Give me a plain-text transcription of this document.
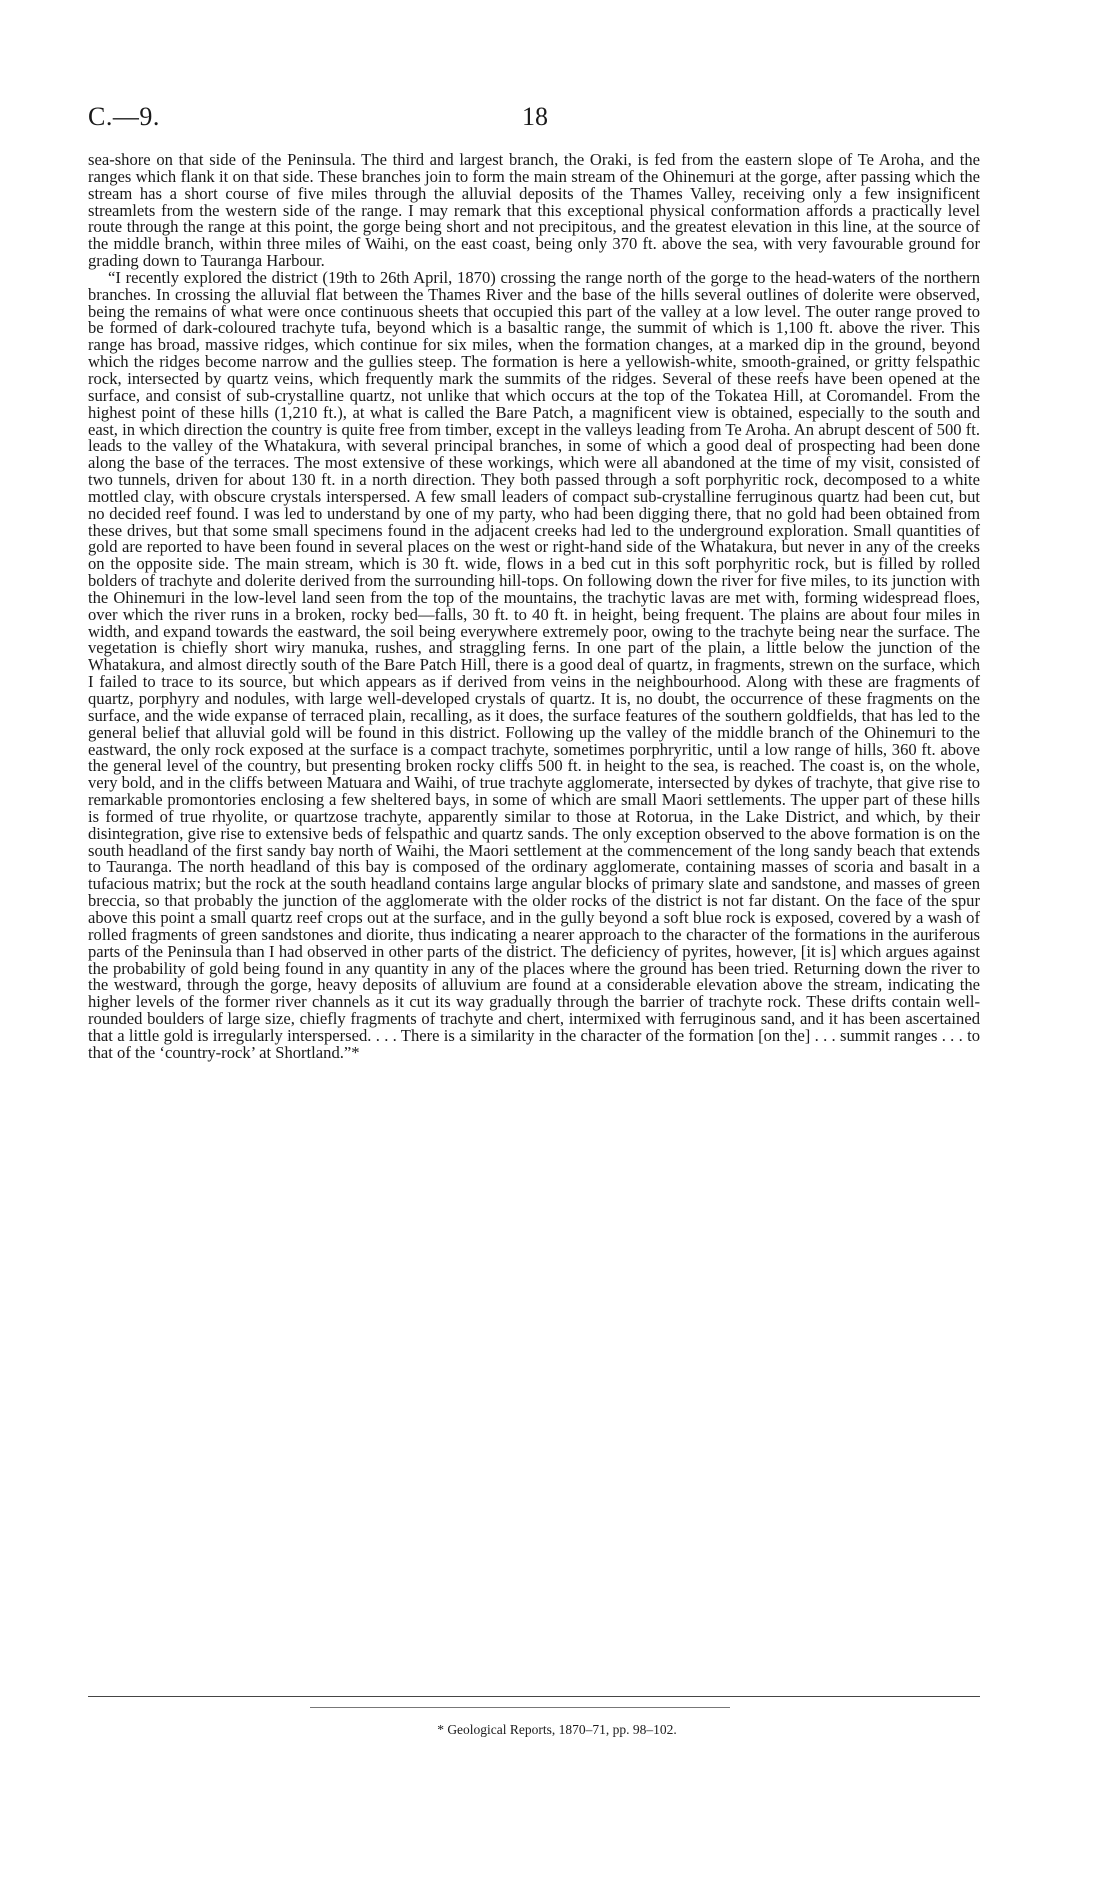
C.—9.	18

sea-shore on that side of the Peninsula. The third and largest branch, the Oraki, is fed from the eastern slope of Te Aroha, and the ranges which flank it on that side. These branches join to form the main stream of the Ohinemuri at the gorge, after passing which the stream has a short course of five miles through the alluvial deposits of the Thames Valley, receiving only a few insignificent streamlets from the western side of the range. I may remark that this exceptional physical conformation affords a practically level route through the range at this point, the gorge being short and not precipitous, and the greatest elevation in this line, at the source of the middle branch, within three miles of Waihi, on the east coast, being only 370 ft. above the sea, with very favourable ground for grading down to Tauranga Harbour.

“I recently explored the district (19th to 26th April, 1870) crossing the range north of the gorge to the head-waters of the northern branches. In crossing the alluvial flat between the Thames River and the base of the hills several outlines of dolerite were observed, being the remains of what were once continuous sheets that occupied this part of the valley at a low level. The outer range proved to be formed of dark-coloured trachyte tufa, beyond which is a basaltic range, the summit of which is 1,100 ft. above the river. This range has broad, massive ridges, which continue for six miles, when the formation changes, at a marked dip in the ground, beyond which the ridges become narrow and the gullies steep. The formation is here a yellowish-white, smooth-grained, or gritty felspathic rock, intersected by quartz veins, which frequently mark the summits of the ridges. Several of these reefs have been opened at the surface, and consist of sub-crystalline quartz, not unlike that which occurs at the top of the Tokatea Hill, at Coromandel. From the highest point of these hills (1,210 ft.), at what is called the Bare Patch, a magnificent view is obtained, especially to the south and east, in which direction the country is quite free from timber, except in the valleys leading from Te Aroha. An abrupt descent of 500 ft. leads to the valley of the Whatakura, with several principal branches, in some of which a good deal of prospecting had been done along the base of the terraces. The most extensive of these workings, which were all abandoned at the time of my visit, consisted of two tunnels, driven for about 130 ft. in a north direction. They both passed through a soft porphyritic rock, decomposed to a white mottled clay, with obscure crystals interspersed. A few small leaders of compact sub-crystalline ferruginous quartz had been cut, but no decided reef found. I was led to understand by one of my party, who had been digging there, that no gold had been obtained from these drives, but that some small specimens found in the adjacent creeks had led to the underground exploration. Small quantities of gold are reported to have been found in several places on the west or right-hand side of the Whatakura, but never in any of the creeks on the opposite side. The main stream, which is 30 ft. wide, flows in a bed cut in this soft porphyritic rock, but is filled by rolled bolders of trachyte and dolerite derived from the surrounding hill-tops. On following down the river for five miles, to its junction with the Ohinemuri in the low-level land seen from the top of the mountains, the trachytic lavas are met with, forming widespread floes, over which the river runs in a broken, rocky bed—falls, 30 ft. to 40 ft. in height, being frequent. The plains are about four miles in width, and expand towards the eastward, the soil being everywhere extremely poor, owing to the trachyte being near the surface. The vegetation is chiefly short wiry manuka, rushes, and straggling ferns. In one part of the plain, a little below the junction of the Whatakura, and almost directly south of the Bare Patch Hill, there is a good deal of quartz, in fragments, strewn on the surface, which I failed to trace to its source, but which appears as if derived from veins in the neighbourhood. Along with these are fragments of quartz, porphyry and nodules, with large well-developed crystals of quartz. It is, no doubt, the occurrence of these fragments on the surface, and the wide expanse of terraced plain, recalling, as it does, the surface features of the southern goldfields, that has led to the general belief that alluvial gold will be found in this district. Following up the valley of the middle branch of the Ohinemuri to the eastward, the only rock exposed at the surface is a compact trachyte, sometimes porphryritic, until a low range of hills, 360 ft. above the general level of the country, but presenting broken rocky cliffs 500 ft. in height to the sea, is reached. The coast is, on the whole, very bold, and in the cliffs between Matuara and Waihi, of true trachyte agglomerate, intersected by dykes of trachyte, that give rise to remarkable promontories enclosing a few sheltered bays, in some of which are small Maori settlements. The upper part of these hills is formed of true rhyolite, or quartzose trachyte, apparently similar to those at Rotorua, in the Lake District, and which, by their disintegration, give rise to extensive beds of felspathic and quartz sands. The only exception observed to the above formation is on the south headland of the first sandy bay north of Waihi, the Maori settlement at the commencement of the long sandy beach that extends to Tauranga. The north headland of this bay is composed of the ordinary agglomerate, containing masses of scoria and basalt in a tufacious matrix; but the rock at the south headland contains large angular blocks of primary slate and sandstone, and masses of green breccia, so that probably the junction of the agglomerate with the older rocks of the district is not far distant. On the face of the spur above this point a small quartz reef crops out at the surface, and in the gully beyond a soft blue rock is exposed, covered by a wash of rolled fragments of green sandstones and diorite, thus indicating a nearer approach to the character of the formations in the auriferous parts of the Peninsula than I had observed in other parts of the district. The deficiency of pyrites, however, [it is] which argues against the probability of gold being found in any quantity in any of the places where the ground has been tried. Returning down the river to the westward, through the gorge, heavy deposits of alluvium are found at a considerable elevation above the stream, indicating the higher levels of the former river channels as it cut its way gradually through the barrier of trachyte rock. These drifts contain well-rounded boulders of large size, chiefly fragments of trachyte and chert, intermixed with ferruginous sand, and it has been ascertained that a little gold is irregularly interspersed. . . . There is a similarity in the character of the formation [on the] . . . summit ranges . . . to that of the ‘country-rock’ at Shortland.”*

* Geological Reports, 1870–71, pp. 98–102.
